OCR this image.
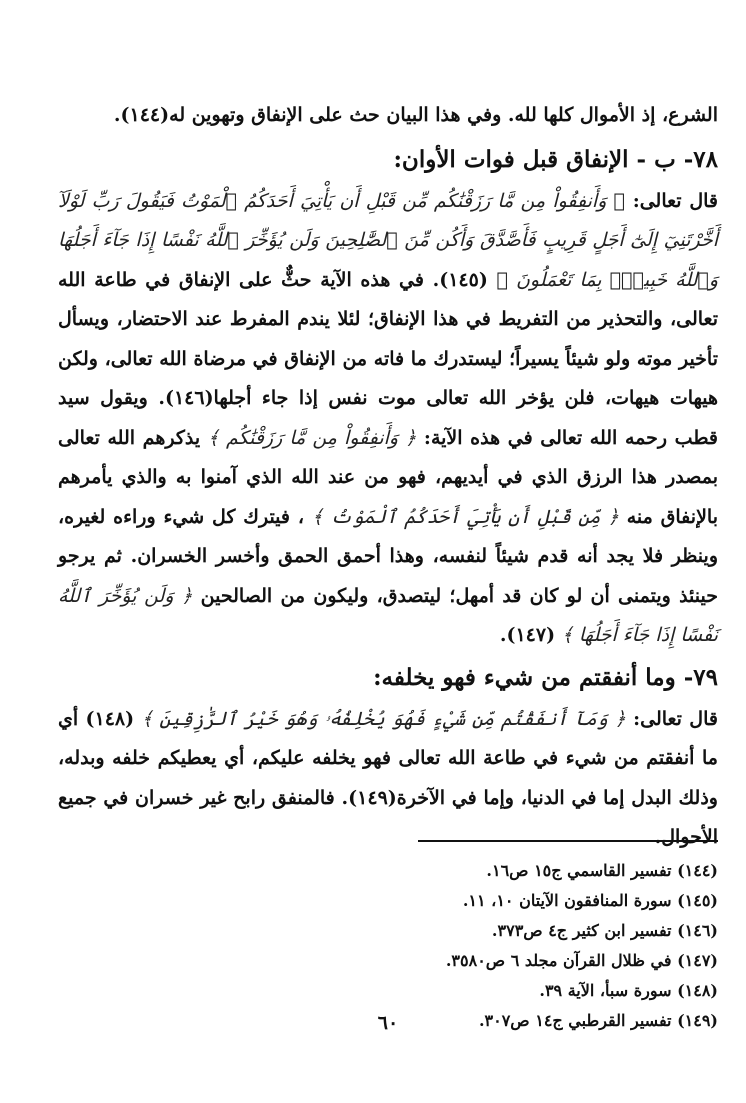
الشرع، إذ الأموال كلها لله. وفي هذا البيان حث على الإنفاق وتهوين له(١٤٤).

٧٨- ب - الإنفاق قبل فوات الأوان:

قال تعالى: ﴿ وَأَنفِقُواْ مِن مَّا رَزَقْنَٰكُم مِّن قَبْلِ أَن يَأْتِيَ أَحَدَكُمُ ٱلْمَوْتُ فَيَقُولَ رَبِّ لَوْلَآ أَخَّرْتَنِيٓ إِلَىٰٓ أَجَلٍ قَرِيبٍ فَأَصَّدَّقَ وَأَكُن مِّنَ ٱلصَّٰلِحِينَ وَلَن يُؤَخِّرَ ٱللَّهُ نَفْسًا إِذَا جَآءَ أَجَلُهَا وَٱللَّهُ خَبِيرٌۢ بِمَا تَعْمَلُونَ ﴾ (١٤٥). في هذه الآية حثٌّ على الإنفاق في طاعة الله تعالى، والتحذير من التفريط في هذا الإنفاق؛ لئلا يندم المفرط عند الاحتضار، ويسأل تأخير موته ولو شيئاً يسيراً؛ ليستدرك ما فاته من الإنفاق في مرضاة الله تعالى، ولكن هيهات هيهات، فلن يؤخر الله تعالى موت نفس إذا جاء أجلها(١٤٦). ويقول سيد قطب رحمه الله تعالى في هذه الآية: ﴿ وَأَنفِقُواْ مِن مَّا رَزَقْنَٰكُم ﴾ يذكرهم الله تعالى بمصدر هذا الرزق الذي في أيديهم، فهو من عند الله الذي آمنوا به والذي يأمرهم بالإنفاق منه ﴿ مِّن قَبْلِ أَن يَأْتِيَ أَحَدَكُمُ ٱلْمَوْتُ ﴾ ، فيترك كل شيء وراءه لغيره، وينظر فلا يجد أنه قدم شيئاً لنفسه، وهذا أحمق الحمق وأخسر الخسران. ثم يرجو حينئذ ويتمنى أن لو كان قد أمهل؛ ليتصدق، وليكون من الصالحين ﴿ وَلَن يُؤَخِّرَ ٱللَّهُ نَفْسًا إِذَا جَآءَ أَجَلُهَا ﴾ (١٤٧).

٧٩- وما أنفقتم من شيء فهو يخلفه:

قال تعالى: ﴿ وَمَآ أَنفَقْتُم مِّن شَيْءٍ فَهُوَ يُخْلِفُهُۥ وَهُوَ خَيْرُ ٱلرَّٰزِقِينَ ﴾ (١٤٨) أي ما أنفقتم من شيء في طاعة الله تعالى فهو يخلفه عليكم، أي يعطيكم خلفه وبدله، وذلك البدل إما في الدنيا، وإما في الآخرة(١٤٩). فالمنفق رابح غير خسران في جميع الأحوال.

(١٤٤) تفسير القاسمي ج١٥ ص١٦.

(١٤٥) سورة المنافقون الآيتان ١٠، ١١.

(١٤٦) تفسير ابن كثير ج٤ ص٣٧٣.

(١٤٧) في ظلال القرآن مجلد ٦ ص٣٥٨٠.

(١٤٨) سورة سبأ، الآية ٣٩.

(١٤٩) تفسير القرطبي ج١٤ ص٣٠٧.

٦٠
